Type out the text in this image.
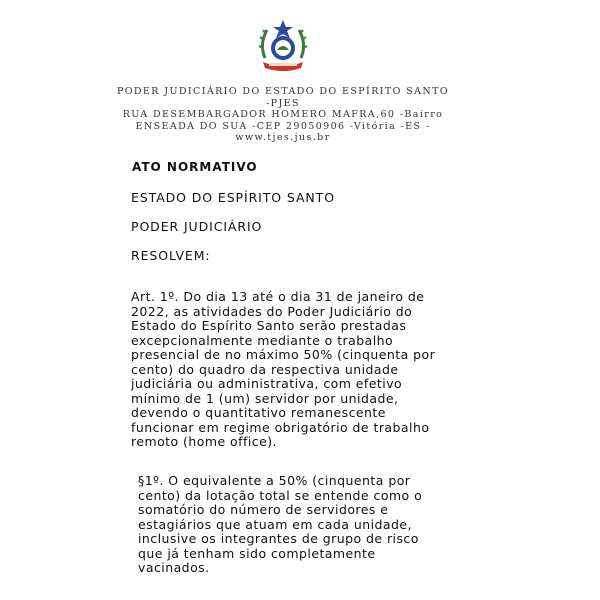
PODER JUDICIÁRIO DO ESTADO DO ESPÍRITO SANTO
-PJES
RUA DESEMBARGADOR HOMERO MAFRA,60 -Bairro
ENSEADA DO SUA -CEP 29050906 -Vitória -ES -
www.tjes.jus.br
ATO NORMATIVO
ESTADO DO ESPÍRITO SANTO
PODER JUDICIÁRIO
RESOLVEM:
Art. 1º. Do dia 13 até o dia 31 de janeiro de 2022, as atividades do Poder Judiciário do Estado do Espírito Santo serão prestadas excepcionalmente mediante o trabalho presencial de no máximo 50% (cinquenta por cento) do quadro da respectiva unidade judiciária ou administrativa, com efetivo mínimo de 1 (um) servidor por unidade, devendo o quantitativo remanescente funcionar em regime obrigatório de trabalho remoto (home office).
§1º. O equivalente a 50% (cinquenta por cento) da lotação total se entende como o somatório do número de servidores e estagiários que atuam em cada unidade, inclusive os integrantes de grupo de risco que já tenham sido completamente vacinados.
